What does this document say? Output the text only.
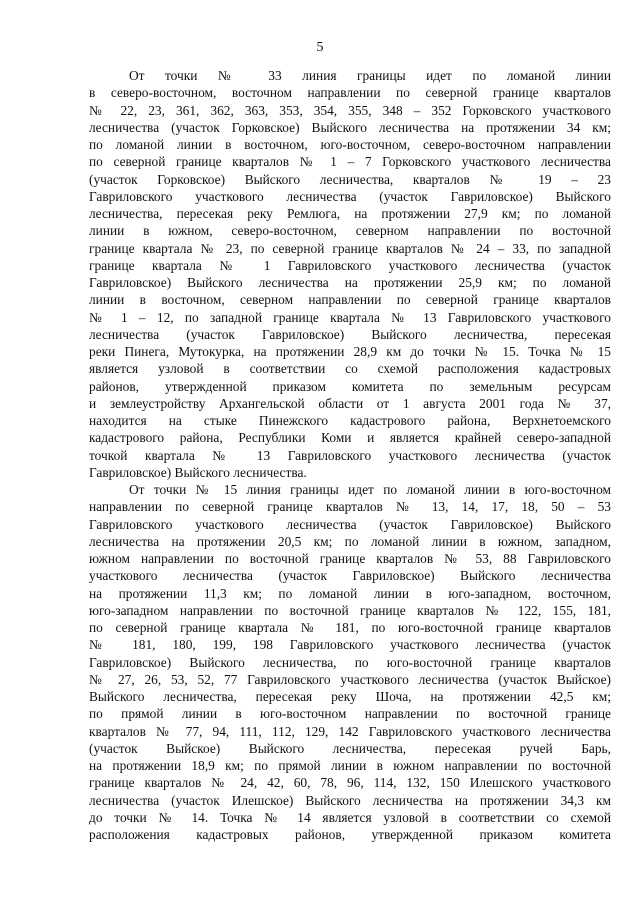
5

От точки № 33 линия границы идет по ломаной линии
в северо-восточном, восточном направлении по северной границе кварталов
№ 22, 23, 361, 362, 363, 353, 354, 355, 348 – 352 Горковского участкового
лесничества (участок Горковское) Выйского лесничества на протяжении 34 км;
по ломаной линии в восточном, юго-восточном, северо-восточном направлении
по северной границе кварталов № 1 – 7 Горковского участкового лесничества
(участок Горковское) Выйского лесничества, кварталов № 19 – 23
Гавриловского участкового лесничества (участок Гавриловское) Выйского
лесничества, пересекая реку Ремлюга, на протяжении 27,9 км; по ломаной
линии в южном, северо-восточном, северном направлении по восточной
границе квартала № 23, по северной границе кварталов № 24 – 33, по западной
границе квартала № 1 Гавриловского участкового лесничества (участок
Гавриловское) Выйского лесничества на протяжении 25,9 км; по ломаной
линии в восточном, северном направлении по северной границе кварталов
№ 1 – 12, по западной границе квартала № 13 Гавриловского участкового
лесничества (участок Гавриловское) Выйского лесничества, пересекая
реки Пинега, Мутокурка, на протяжении 28,9 км до точки № 15. Точка № 15
является узловой в соответствии со схемой расположения кадастровых
районов, утвержденной приказом комитета по земельным ресурсам
и землеустройству Архангельской области от 1 августа 2001 года № 37,
находится на стыке Пинежского кадастрового района, Верхнетоемского
кадастрового района, Республики Коми и является крайней северо-западной
точкой квартала № 13 Гавриловского участкового лесничества (участок
Гавриловское) Выйского лесничества.

От точки № 15 линия границы идет по ломаной линии в юго-восточном
направлении по северной границе кварталов № 13, 14, 17, 18, 50 – 53
Гавриловского участкового лесничества (участок Гавриловское) Выйского
лесничества на протяжении 20,5 км; по ломаной линии в южном, западном,
южном направлении по восточной границе кварталов № 53, 88 Гавриловского
участкового лесничества (участок Гавриловское) Выйского лесничества
на протяжении 11,3 км; по ломаной линии в юго-западном, восточном,
юго-западном направлении по восточной границе кварталов № 122, 155, 181,
по северной границе квартала № 181, по юго-восточной границе кварталов
№ 181, 180, 199, 198 Гавриловского участкового лесничества (участок
Гавриловское) Выйского лесничества, по юго-восточной границе кварталов
№ 27, 26, 53, 52, 77 Гавриловского участкового лесничества (участок Выйское)
Выйского лесничества, пересекая реку Шоча, на протяжении 42,5 км;
по прямой линии в юго-восточном направлении по восточной границе
кварталов № 77, 94, 111, 112, 129, 142 Гавриловского участкового лесничества
(участок Выйское) Выйского лесничества, пересекая ручей Барь,
на протяжении 18,9 км; по прямой линии в южном направлении по восточной
границе кварталов № 24, 42, 60, 78, 96, 114, 132, 150 Илешского участкового
лесничества (участок Илешское) Выйского лесничества на протяжении 34,3 км
до точки № 14. Точка № 14 является узловой в соответствии со схемой
расположения кадастровых районов, утвержденной приказом комитета
